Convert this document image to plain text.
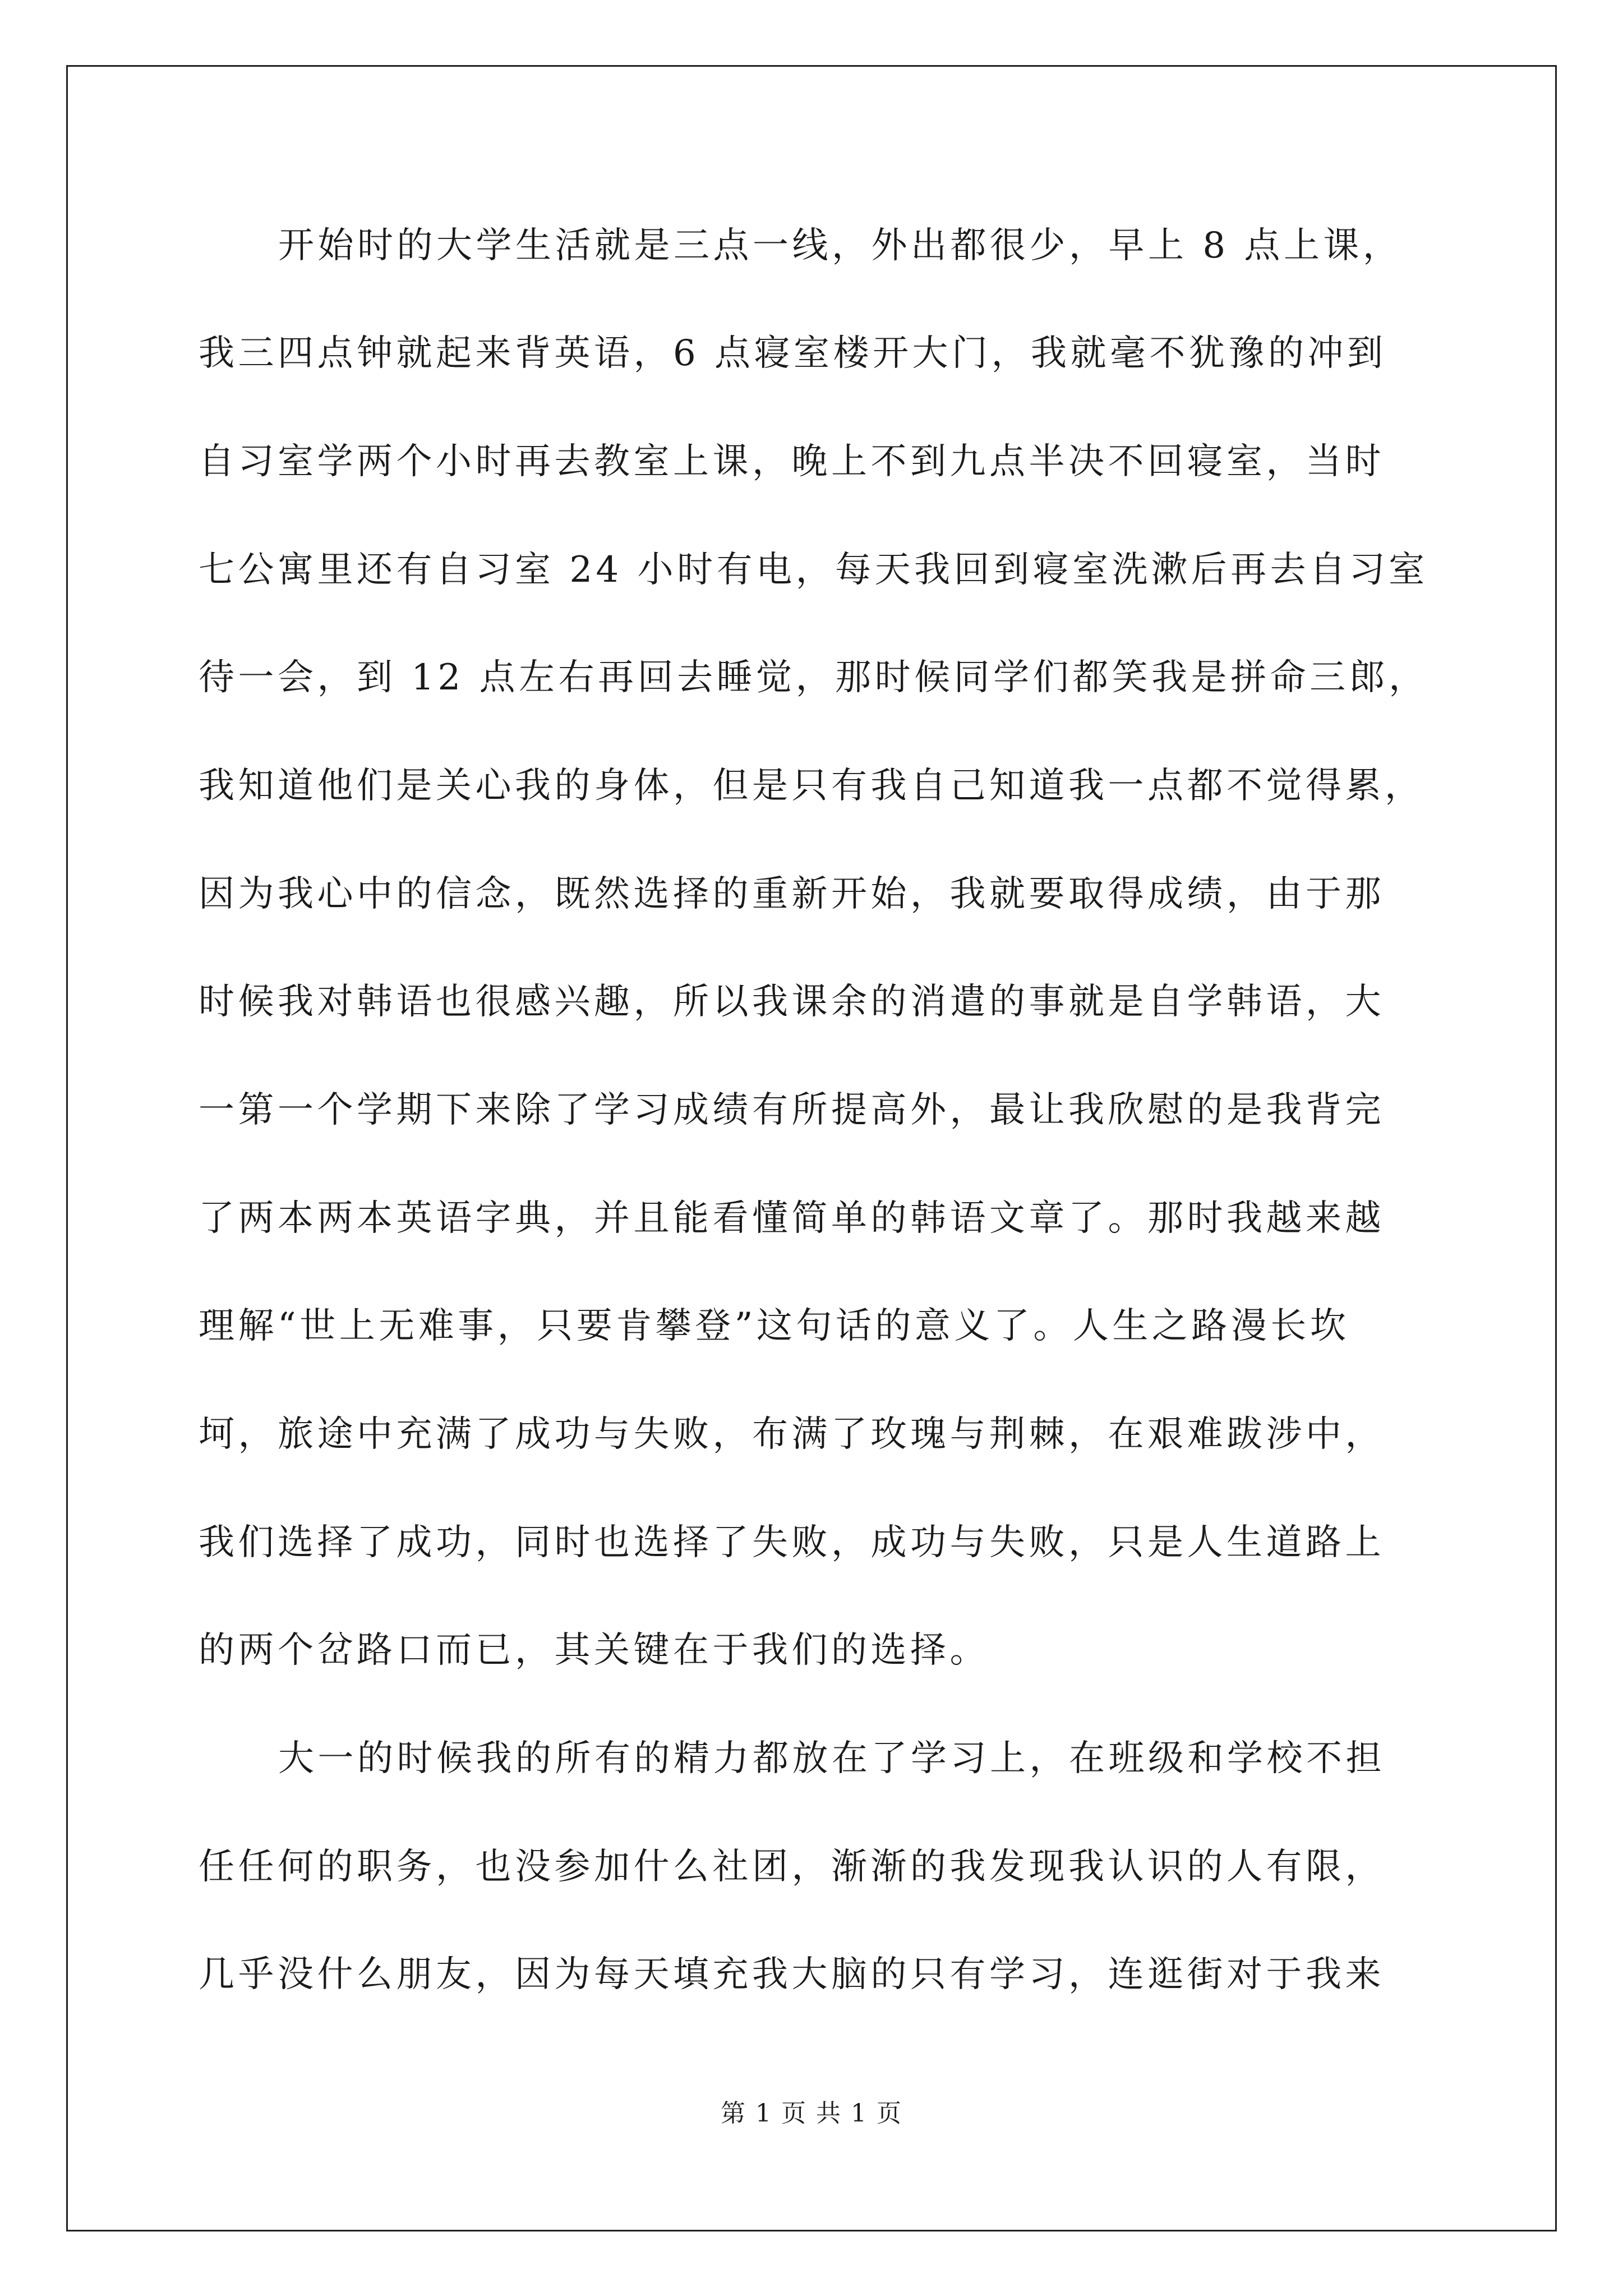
开始时的大学生活就是三点一线，外出都很少，早上 8 点上课，
我三四点钟就起来背英语，6 点寝室楼开大门，我就毫不犹豫的冲到
自习室学两个小时再去教室上课，晚上不到九点半决不回寝室，当时
七公寓里还有自习室 24 小时有电，每天我回到寝室洗漱后再去自习室
待一会，到 12 点左右再回去睡觉，那时候同学们都笑我是拼命三郎，
我知道他们是关心我的身体，但是只有我自己知道我一点都不觉得累，
因为我心中的信念，既然选择的重新开始，我就要取得成绩，由于那
时候我对韩语也很感兴趣，所以我课余的消遣的事就是自学韩语，大
一第一个学期下来除了学习成绩有所提高外，最让我欣慰的是我背完
了两本两本英语字典，并且能看懂简单的韩语文章了。那时我越来越
理解“世上无难事，只要肯攀登”这句话的意义了。人生之路漫长坎
坷，旅途中充满了成功与失败，布满了玫瑰与荆棘，在艰难跋涉中，
我们选择了成功，同时也选择了失败，成功与失败，只是人生道路上
的两个岔路口而已，其关键在于我们的选择。
大一的时候我的所有的精力都放在了学习上，在班级和学校不担
任任何的职务，也没参加什么社团，渐渐的我发现我认识的人有限，
几乎没什么朋友，因为每天填充我大脑的只有学习，连逛街对于我来
第 1 页 共 1 页
